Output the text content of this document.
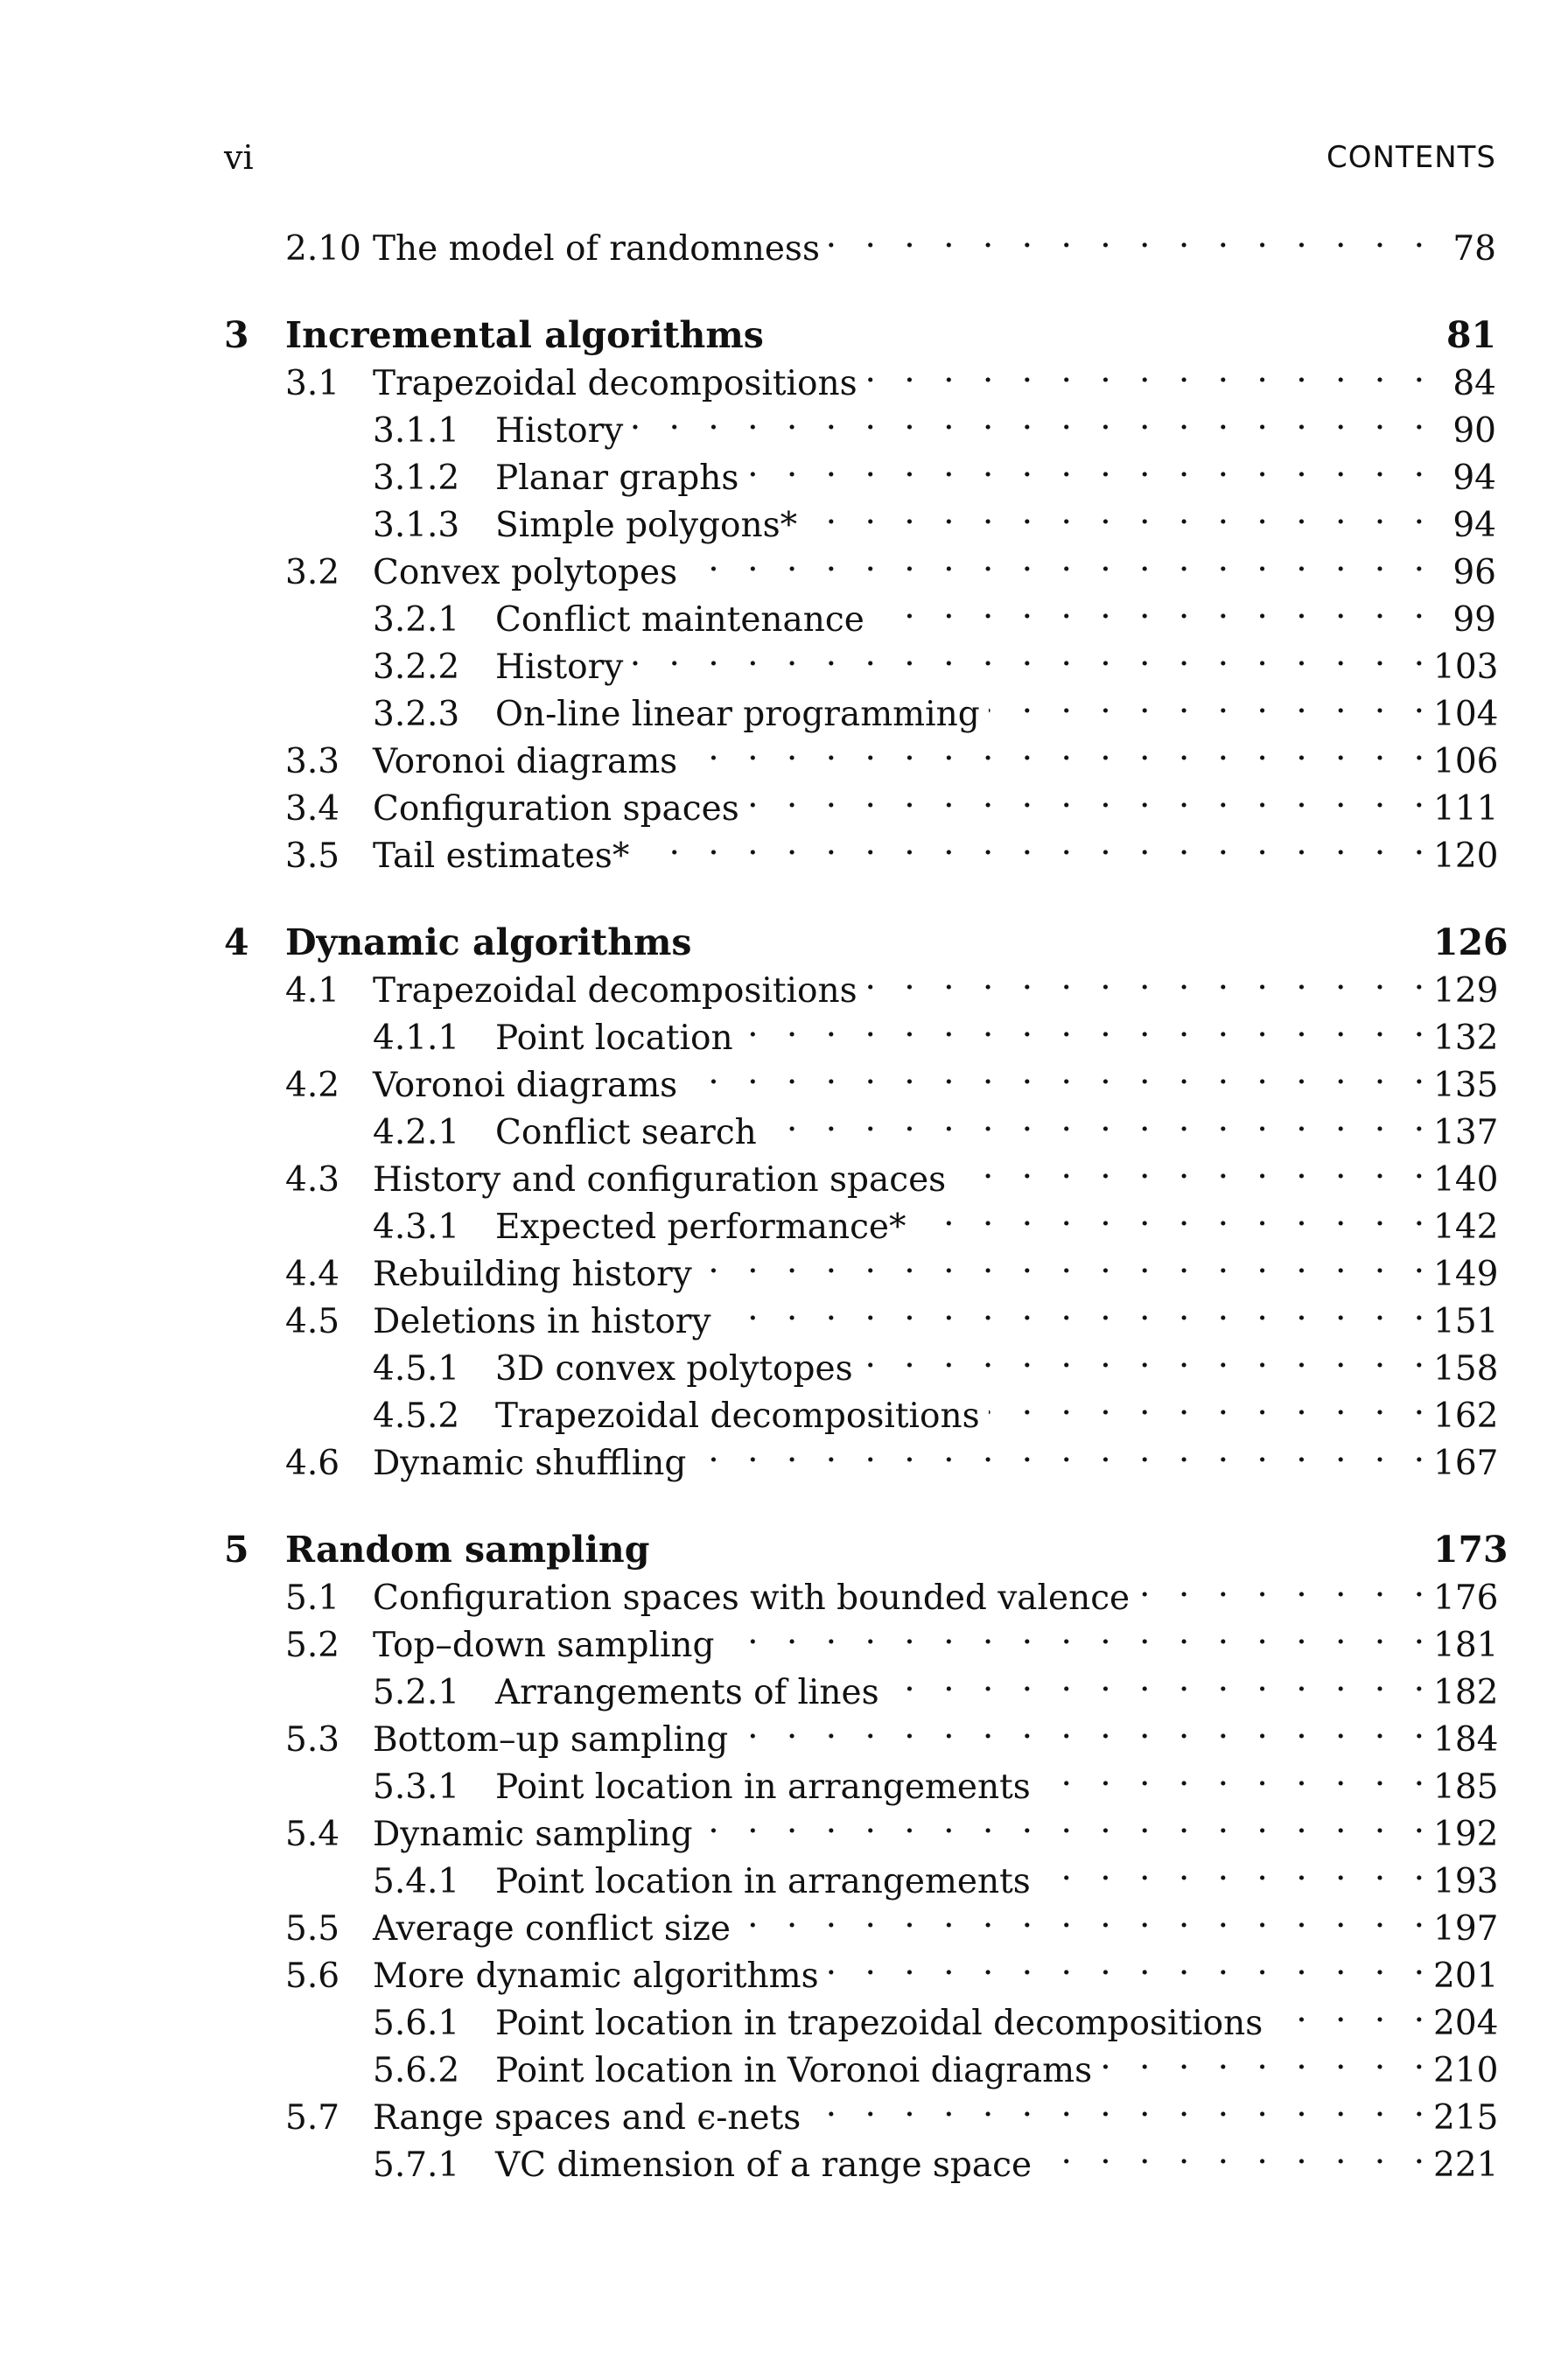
vi	CONTENTS
2.10 The model of randomness . . .	78
3	Incremental algorithms	81
3.1 Trapezoidal decompositions . . .	84
3.1.1	History . . .	90
3.1.2	Planar graphs . . .	94
3.1.3	Simple polygons* . . .	94
3.2 Convex polytopes . . .	96
3.2.1	Conflict maintenance . . .	99
3.2.2	History . . .	103
3.2.3	On-line linear programming . . .	104
3.3 Voronoi diagrams . . .	106
3.4 Configuration spaces . . .	111
3.5 Tail estimates* . . .	120
4	Dynamic algorithms	126
4.1 Trapezoidal decompositions . . .	129
4.1.1	Point location . . .	132
4.2 Voronoi diagrams . . .	135
4.2.1	Conflict search . . .	137
4.3 History and configuration spaces . . .	140
4.3.1	Expected performance* . . .	142
4.4 Rebuilding history . . .	149
4.5 Deletions in history . . .	151
4.5.1	3D convex polytopes . . .	158
4.5.2	Trapezoidal decompositions . . .	162
4.6 Dynamic shuffling . . .	167
5	Random sampling	173
5.1 Configuration spaces with bounded valence . . .	176
5.2 Top–down sampling . . .	181
5.2.1	Arrangements of lines . . .	182
5.3 Bottom–up sampling . . .	184
5.3.1	Point location in arrangements . . .	185
5.4 Dynamic sampling . . .	192
5.4.1	Point location in arrangements . . .	193
5.5 Average conflict size . . .	197
5.6 More dynamic algorithms . . .	201
5.6.1	Point location in trapezoidal decompositions . . .	204
5.6.2	Point location in Voronoi diagrams . . .	210
5.7 Range spaces and ϵ-nets . . .	215
5.7.1	VC dimension of a range space . . .	221
